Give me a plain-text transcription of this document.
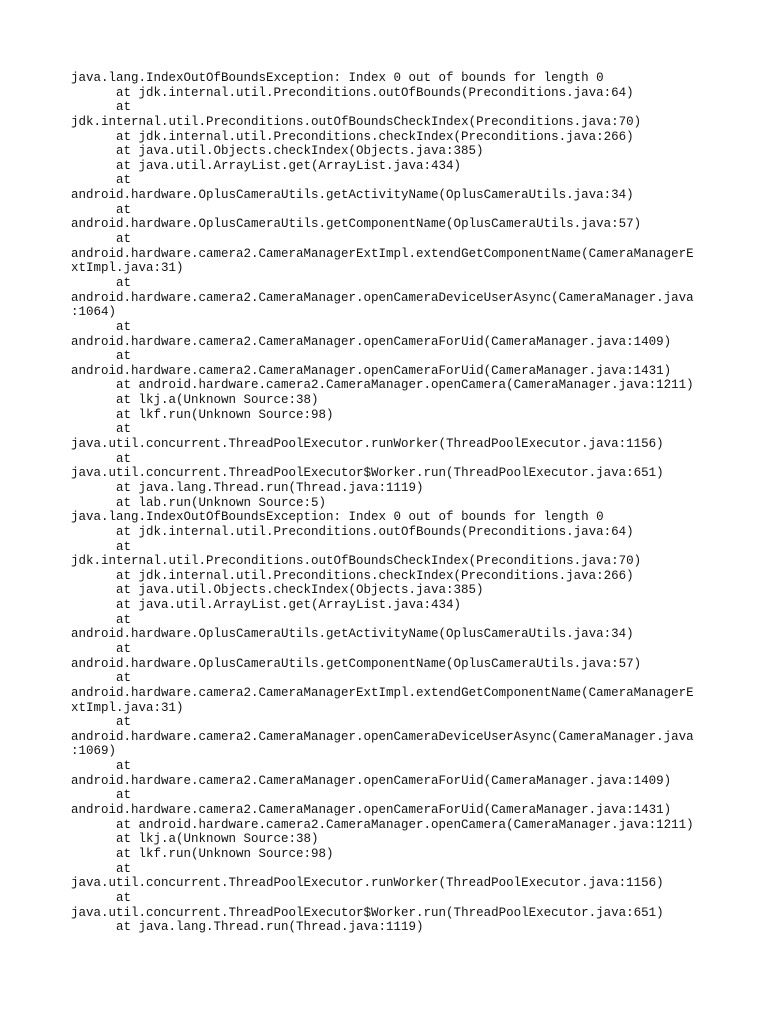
java.lang.IndexOutOfBoundsException: Index 0 out of bounds for length 0
at jdk.internal.util.Preconditions.outOfBounds(Preconditions.java:64)
at
jdk.internal.util.Preconditions.outOfBoundsCheckIndex(Preconditions.java:70)
at jdk.internal.util.Preconditions.checkIndex(Preconditions.java:266)
at java.util.Objects.checkIndex(Objects.java:385)
at java.util.ArrayList.get(ArrayList.java:434)
at
android.hardware.OplusCameraUtils.getActivityName(OplusCameraUtils.java:34)
at
android.hardware.OplusCameraUtils.getComponentName(OplusCameraUtils.java:57)
at
android.hardware.camera2.CameraManagerExtImpl.extendGetComponentName(CameraManagerE
xtImpl.java:31)
at
android.hardware.camera2.CameraManager.openCameraDeviceUserAsync(CameraManager.java
:1064)
at
android.hardware.camera2.CameraManager.openCameraForUid(CameraManager.java:1409)
at
android.hardware.camera2.CameraManager.openCameraForUid(CameraManager.java:1431)
at android.hardware.camera2.CameraManager.openCamera(CameraManager.java:1211)
at lkj.a(Unknown Source:38)
at lkf.run(Unknown Source:98)
at
java.util.concurrent.ThreadPoolExecutor.runWorker(ThreadPoolExecutor.java:1156)
at
java.util.concurrent.ThreadPoolExecutor$Worker.run(ThreadPoolExecutor.java:651)
at java.lang.Thread.run(Thread.java:1119)
at lab.run(Unknown Source:5)
java.lang.IndexOutOfBoundsException: Index 0 out of bounds for length 0
at jdk.internal.util.Preconditions.outOfBounds(Preconditions.java:64)
at
jdk.internal.util.Preconditions.outOfBoundsCheckIndex(Preconditions.java:70)
at jdk.internal.util.Preconditions.checkIndex(Preconditions.java:266)
at java.util.Objects.checkIndex(Objects.java:385)
at java.util.ArrayList.get(ArrayList.java:434)
at
android.hardware.OplusCameraUtils.getActivityName(OplusCameraUtils.java:34)
at
android.hardware.OplusCameraUtils.getComponentName(OplusCameraUtils.java:57)
at
android.hardware.camera2.CameraManagerExtImpl.extendGetComponentName(CameraManagerE
xtImpl.java:31)
at
android.hardware.camera2.CameraManager.openCameraDeviceUserAsync(CameraManager.java
:1069)
at
android.hardware.camera2.CameraManager.openCameraForUid(CameraManager.java:1409)
at
android.hardware.camera2.CameraManager.openCameraForUid(CameraManager.java:1431)
at android.hardware.camera2.CameraManager.openCamera(CameraManager.java:1211)
at lkj.a(Unknown Source:38)
at lkf.run(Unknown Source:98)
at
java.util.concurrent.ThreadPoolExecutor.runWorker(ThreadPoolExecutor.java:1156)
at
java.util.concurrent.ThreadPoolExecutor$Worker.run(ThreadPoolExecutor.java:651)
at java.lang.Thread.run(Thread.java:1119)
